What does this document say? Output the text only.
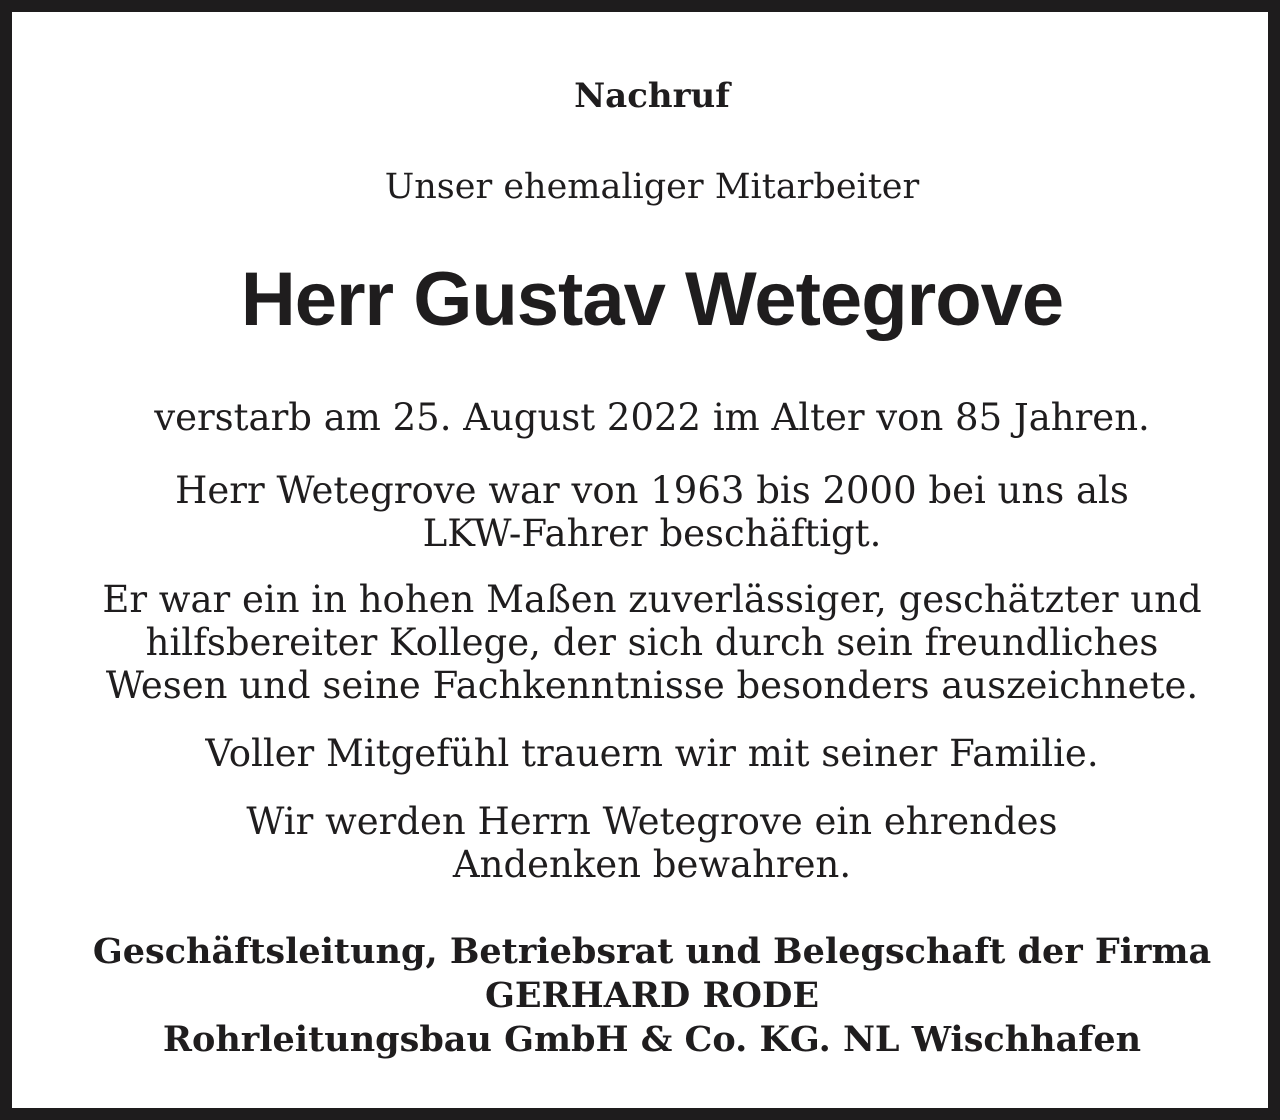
Nachruf

Unser ehemaliger Mitarbeiter

Herr Gustav Wetegrove

verstarb am 25. August 2022 im Alter von 85 Jahren.

Herr Wetegrove war von 1963 bis 2000 bei uns als

LKW-Fahrer beschäftigt.

Er war ein in hohen Maßen zuverlässiger, geschätzter und

hilfsbereiter Kollege, der sich durch sein freundliches

Wesen und seine Fachkenntnisse besonders auszeichnete.

Voller Mitgefühl trauern wir mit seiner Familie.

Wir werden Herrn Wetegrove ein ehrendes

Andenken bewahren.

Geschäftsleitung, Betriebsrat und Belegschaft der Firma

GERHARD RODE

Rohrleitungsbau GmbH & Co. KG. NL Wischhafen
